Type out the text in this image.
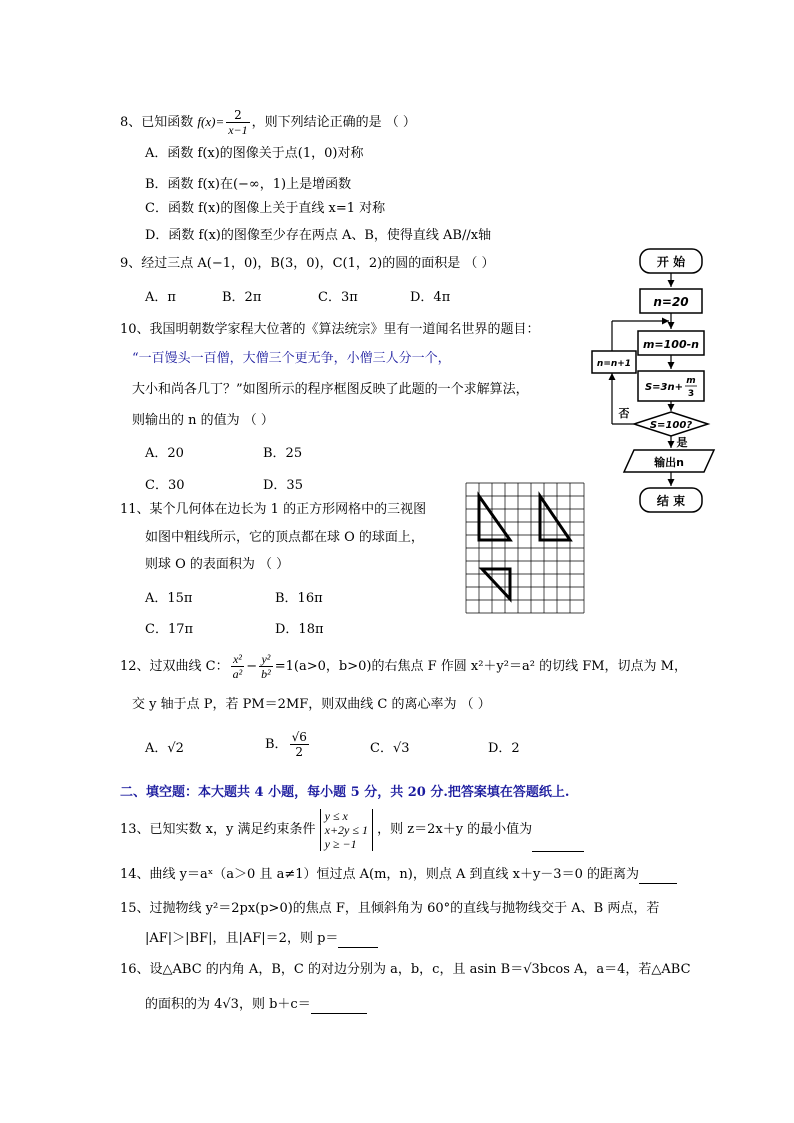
8、已知函数 $f(x)= \frac{2}{x-1}$ ，则下列结论正确的是 （ ）
A．函数 f(x)的图像关于点(1，0)对称
B．函数 f(x)在(−∞，1)上是增函数
C．函数 f(x)的图像上关于直线 x=1 对称
D．函数 f(x)的图像至少存在两点 A、B，使得直线 AB//x轴
9、经过三点 A(−1，0)，B(3，0)，C(1，2)的圆的面积是 （ ）
A．π	B．2π	C．3π	D．4π
10、我国明朝数学家程大位著的《算法统宗》里有一道闻名世界的题目：
“一百馒头一百僧，大僧三个更无争，小僧三人分一个，
大小和尚各几丁？”如图所示的程序框图反映了此题的一个求解算法，
则输出的 n 的值为 （ ）
A．20	B．25
C．30	D．35
开 始
n=20
m=100-n
S=3n+
m
3
S=100?
否
n=n+1
是
输出n
结 束
11、某个几何体在边长为 1 的正方形网格中的三视图
如图中粗线所示，它的顶点都在球 O 的球面上，
则球 O 的表面积为 （ ）
A．15π	B．16π
C．17π	D．18π
12、过双曲线 C： $\frac{\text{x²}}{\text{a²}} - \frac{\text{y²}}{\text{b²}} =1(a>0$，b>0)的右焦点 F 作圆 x²＋y²＝a² 的切线 FM，切点为 M，
交 y 轴于点 P，若 PM＝2MF，则双曲线 C 的离心率为 （ ）
A．√2	B． $\frac{√6}{2}$	C．√3	D．2
二、填空题：本大题共 4 小题，每小题 5 分，共 20 分.把答案填在答题纸上.
13、已知实数 x，y 满足约束条件
y ≤ x
x+2y ≤ 1
y ≥ −1
，则 z＝2x＋y 的最小值为
14、曲线 y＝aˣ（a＞0 且 a≠1）恒过点 A(m，n)，则点 A 到直线 x＋y－3＝0 的距离为
15、过抛物线 y²＝2px(p>0)的焦点 F，且倾斜角为 60°的直线与抛物线交于 A、B 两点，若
|AF|＞|BF|，且|AF|＝2，则 p＝
16、设△ABC 的内角 A，B，C 的对边分别为 a，b，c，且 asin B＝√3bcos A，a＝4，若△ABC
的面积的为 4√3，则 b＋c＝
